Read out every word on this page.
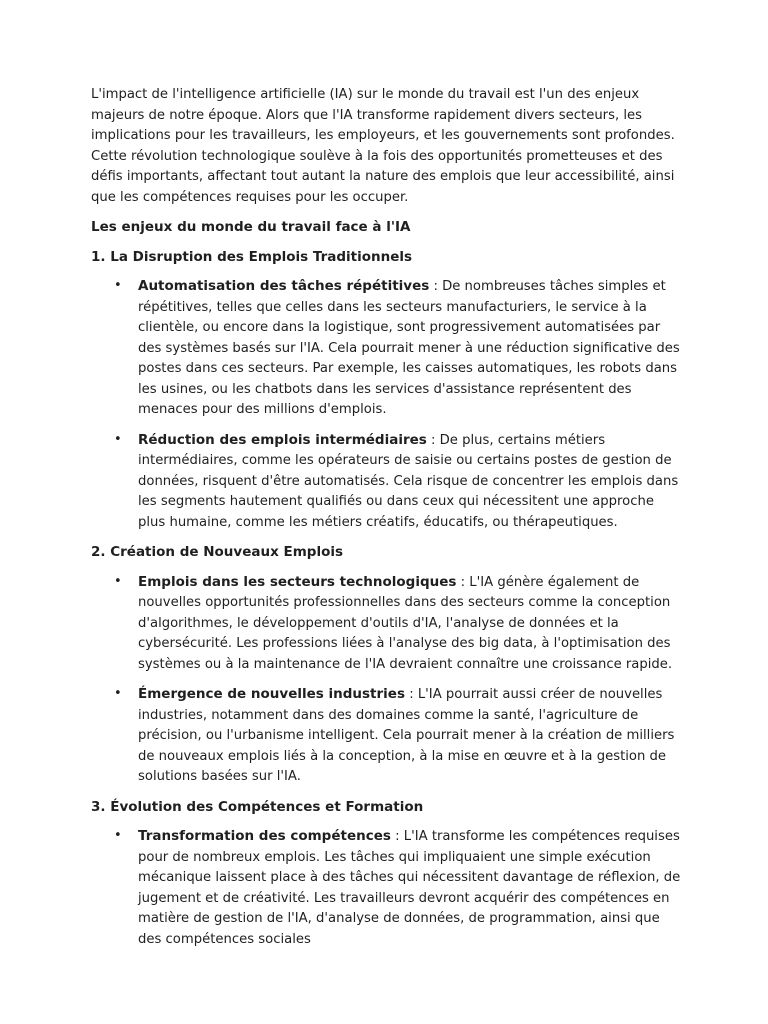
L'impact de l'intelligence artificielle (IA) sur le monde du travail est l'un des enjeux majeurs de notre époque. Alors que l'IA transforme rapidement divers secteurs, les implications pour les travailleurs, les employeurs, et les gouvernements sont profondes. Cette révolution technologique soulève à la fois des opportunités prometteuses et des défis importants, affectant tout autant la nature des emplois que leur accessibilité, ainsi que les compétences requises pour les occuper.

Les enjeux du monde du travail face à l'IA

1. La Disruption des Emplois Traditionnels

• Automatisation des tâches répétitives : De nombreuses tâches simples et répétitives, telles que celles dans les secteurs manufacturiers, le service à la clientèle, ou encore dans la logistique, sont progressivement automatisées par des systèmes basés sur l'IA. Cela pourrait mener à une réduction significative des postes dans ces secteurs. Par exemple, les caisses automatiques, les robots dans les usines, ou les chatbots dans les services d'assistance représentent des menaces pour des millions d'emplois.
• Réduction des emplois intermédiaires : De plus, certains métiers intermédiaires, comme les opérateurs de saisie ou certains postes de gestion de données, risquent d'être automatisés. Cela risque de concentrer les emplois dans les segments hautement qualifiés ou dans ceux qui nécessitent une approche plus humaine, comme les métiers créatifs, éducatifs, ou thérapeutiques.

2. Création de Nouveaux Emplois

• Emplois dans les secteurs technologiques : L'IA génère également de nouvelles opportunités professionnelles dans des secteurs comme la conception d'algorithmes, le développement d'outils d'IA, l'analyse de données et la cybersécurité. Les professions liées à l'analyse des big data, à l'optimisation des systèmes ou à la maintenance de l'IA devraient connaître une croissance rapide.
• Émergence de nouvelles industries : L'IA pourrait aussi créer de nouvelles industries, notamment dans des domaines comme la santé, l'agriculture de précision, ou l'urbanisme intelligent. Cela pourrait mener à la création de milliers de nouveaux emplois liés à la conception, à la mise en œuvre et à la gestion de solutions basées sur l'IA.

3. Évolution des Compétences et Formation

• Transformation des compétences : L'IA transforme les compétences requises pour de nombreux emplois. Les tâches qui impliquaient une simple exécution mécanique laissent place à des tâches qui nécessitent davantage de réflexion, de jugement et de créativité. Les travailleurs devront acquérir des compétences en matière de gestion de l'IA, d'analyse de données, de programmation, ainsi que des compétences sociales
